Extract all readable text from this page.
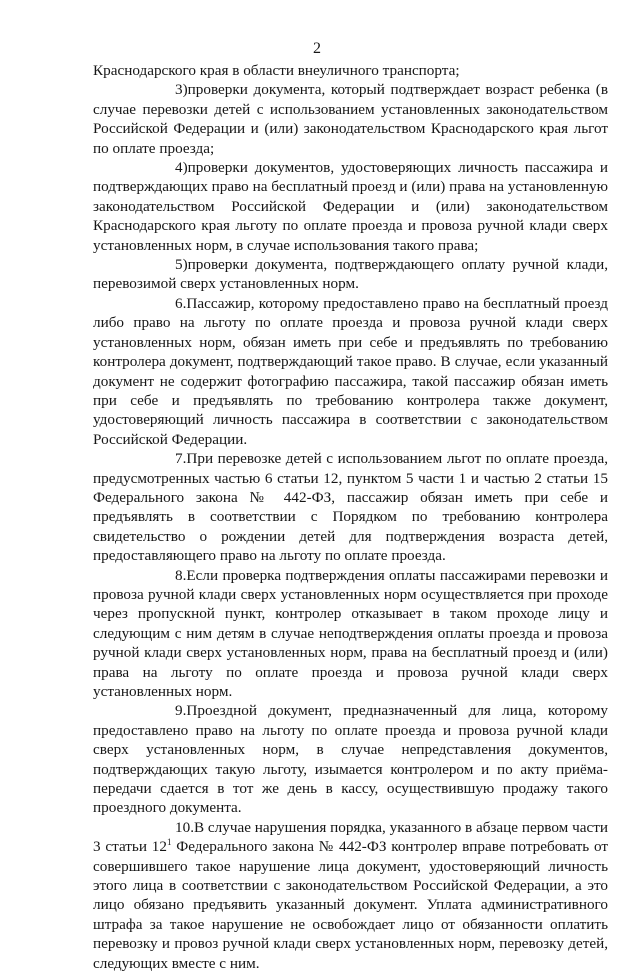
2

Краснодарского края в области внеуличного транспорта;

3)проверки документа, который подтверждает возраст ребенка (в случае перевозки детей с использованием установленных законодательством Российской Федерации и (или) законодательством Краснодарского края льгот по оплате проезда;

4)проверки документов, удостоверяющих личность пассажира и подтверждающих право на бесплатный проезд и (или) права на установленную законодательством Российской Федерации и (или) законодательством Краснодарского края льготу по оплате проезда и провоза ручной клади сверх установленных норм, в случае использования такого права;

5)проверки документа, подтверждающего оплату ручной клади, перевозимой сверх установленных норм.

6.Пассажир, которому предоставлено право на бесплатный проезд либо право на льготу по оплате проезда и провоза ручной клади сверх установленных норм, обязан иметь при себе и предъявлять по требованию контролера документ, подтверждающий такое право. В случае, если указанный документ не содержит фотографию пассажира, такой пассажир обязан иметь при себе и предъявлять по требованию контролера также документ, удостоверяющий личность пассажира в соответствии с законодательством Российской Федерации.

7.При перевозке детей с использованием льгот по оплате проезда, предусмотренных частью 6 статьи 12, пунктом 5 части 1 и частью 2 статьи 15 Федерального закона № 442-ФЗ, пассажир обязан иметь при себе и предъявлять в соответствии с Порядком по требованию контролера свидетельство о рождении детей для подтверждения возраста детей, предоставляющего право на льготу по оплате проезда.

8.Если проверка подтверждения оплаты пассажирами перевозки и провоза ручной клади сверх установленных норм осуществляется при проходе через пропускной пункт, контролер отказывает в таком проходе лицу и следующим с ним детям в случае неподтверждения оплаты проезда и провоза ручной клади сверх установленных норм, права на бесплатный проезд и (или) права на льготу по оплате проезда и провоза ручной клади сверх установленных норм.

9.Проездной документ, предназначенный для лица, которому предоставлено право на льготу по оплате проезда и провоза ручной клади сверх установленных норм, в случае непредставления документов, подтверждающих такую льготу, изымается контролером и по акту приёма-передачи сдается в тот же день в кассу, осуществившую продажу такого проездного документа.

10.В случае нарушения порядка, указанного в абзаце первом части 3 статьи $12^1$ Федерального закона № 442-ФЗ контролер вправе потребовать от совершившего такое нарушение лица документ, удостоверяющий личность этого лица в соответствии с законодательством Российской Федерации, а это лицо обязано предъявить указанный документ. Уплата административного штрафа за такое нарушение не освобождает лицо от обязанности оплатить перевозку и провоз ручной клади сверх установленных норм, перевозку детей, следующих вместе с ним.
